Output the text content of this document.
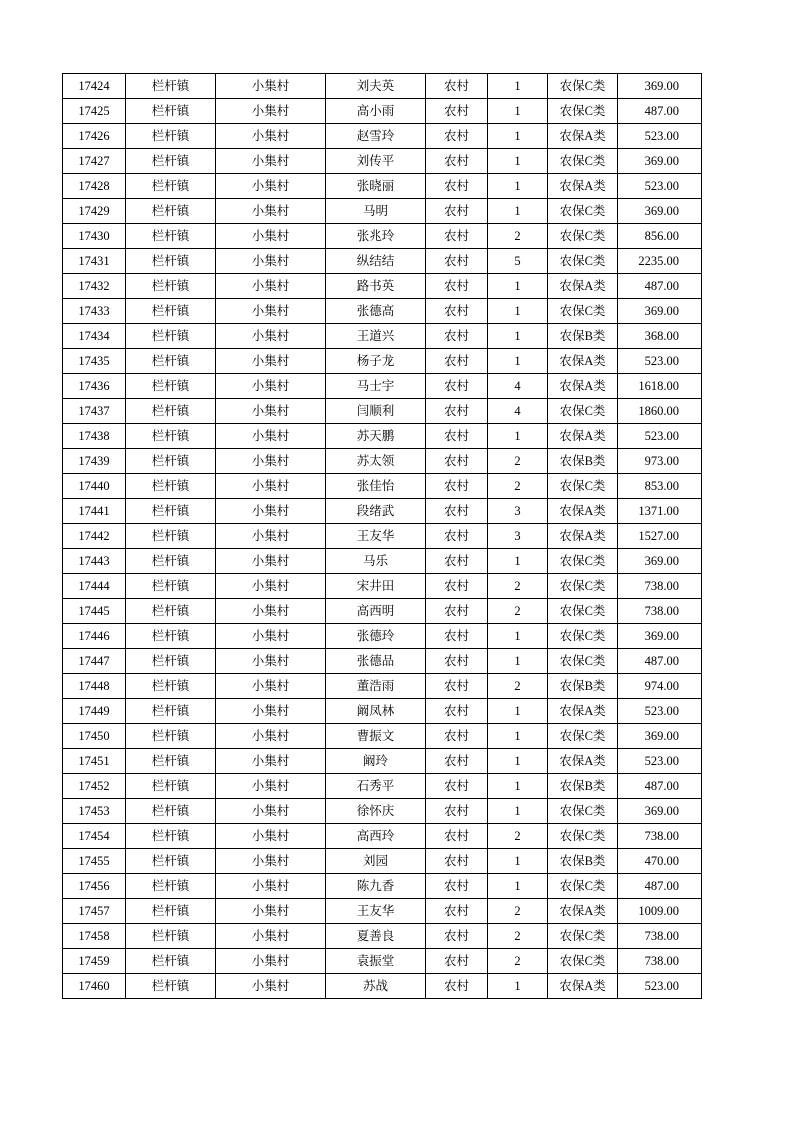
17424	栏杆镇	小集村	刘夫英	农村	1	农保C类	369.00
17425	栏杆镇	小集村	高小雨	农村	1	农保C类	487.00
17426	栏杆镇	小集村	赵雪玲	农村	1	农保A类	523.00
17427	栏杆镇	小集村	刘传平	农村	1	农保C类	369.00
17428	栏杆镇	小集村	张晓丽	农村	1	农保A类	523.00
17429	栏杆镇	小集村	马明	农村	1	农保C类	369.00
17430	栏杆镇	小集村	张兆玲	农村	2	农保C类	856.00
17431	栏杆镇	小集村	纵结结	农村	5	农保C类	2235.00
17432	栏杆镇	小集村	路书英	农村	1	农保A类	487.00
17433	栏杆镇	小集村	张德高	农村	1	农保C类	369.00
17434	栏杆镇	小集村	王道兴	农村	1	农保B类	368.00
17435	栏杆镇	小集村	杨子龙	农村	1	农保A类	523.00
17436	栏杆镇	小集村	马士宇	农村	4	农保A类	1618.00
17437	栏杆镇	小集村	闫顺利	农村	4	农保C类	1860.00
17438	栏杆镇	小集村	苏天鹏	农村	1	农保A类	523.00
17439	栏杆镇	小集村	苏太领	农村	2	农保B类	973.00
17440	栏杆镇	小集村	张佳怡	农村	2	农保C类	853.00
17441	栏杆镇	小集村	段绪武	农村	3	农保A类	1371.00
17442	栏杆镇	小集村	王友华	农村	3	农保A类	1527.00
17443	栏杆镇	小集村	马乐	农村	1	农保C类	369.00
17444	栏杆镇	小集村	宋井田	农村	2	农保C类	738.00
17445	栏杆镇	小集村	高西明	农村	2	农保C类	738.00
17446	栏杆镇	小集村	张德玲	农村	1	农保C类	369.00
17447	栏杆镇	小集村	张德品	农村	1	农保C类	487.00
17448	栏杆镇	小集村	董浩雨	农村	2	农保B类	974.00
17449	栏杆镇	小集村	阚凤林	农村	1	农保A类	523.00
17450	栏杆镇	小集村	曹振文	农村	1	农保C类	369.00
17451	栏杆镇	小集村	阚玲	农村	1	农保A类	523.00
17452	栏杆镇	小集村	石秀平	农村	1	农保B类	487.00
17453	栏杆镇	小集村	徐怀庆	农村	1	农保C类	369.00
17454	栏杆镇	小集村	高西玲	农村	2	农保C类	738.00
17455	栏杆镇	小集村	刘园	农村	1	农保B类	470.00
17456	栏杆镇	小集村	陈九香	农村	1	农保C类	487.00
17457	栏杆镇	小集村	王友华	农村	2	农保A类	1009.00
17458	栏杆镇	小集村	夏善良	农村	2	农保C类	738.00
17459	栏杆镇	小集村	袁振堂	农村	2	农保C类	738.00
17460	栏杆镇	小集村	苏战	农村	1	农保A类	523.00
